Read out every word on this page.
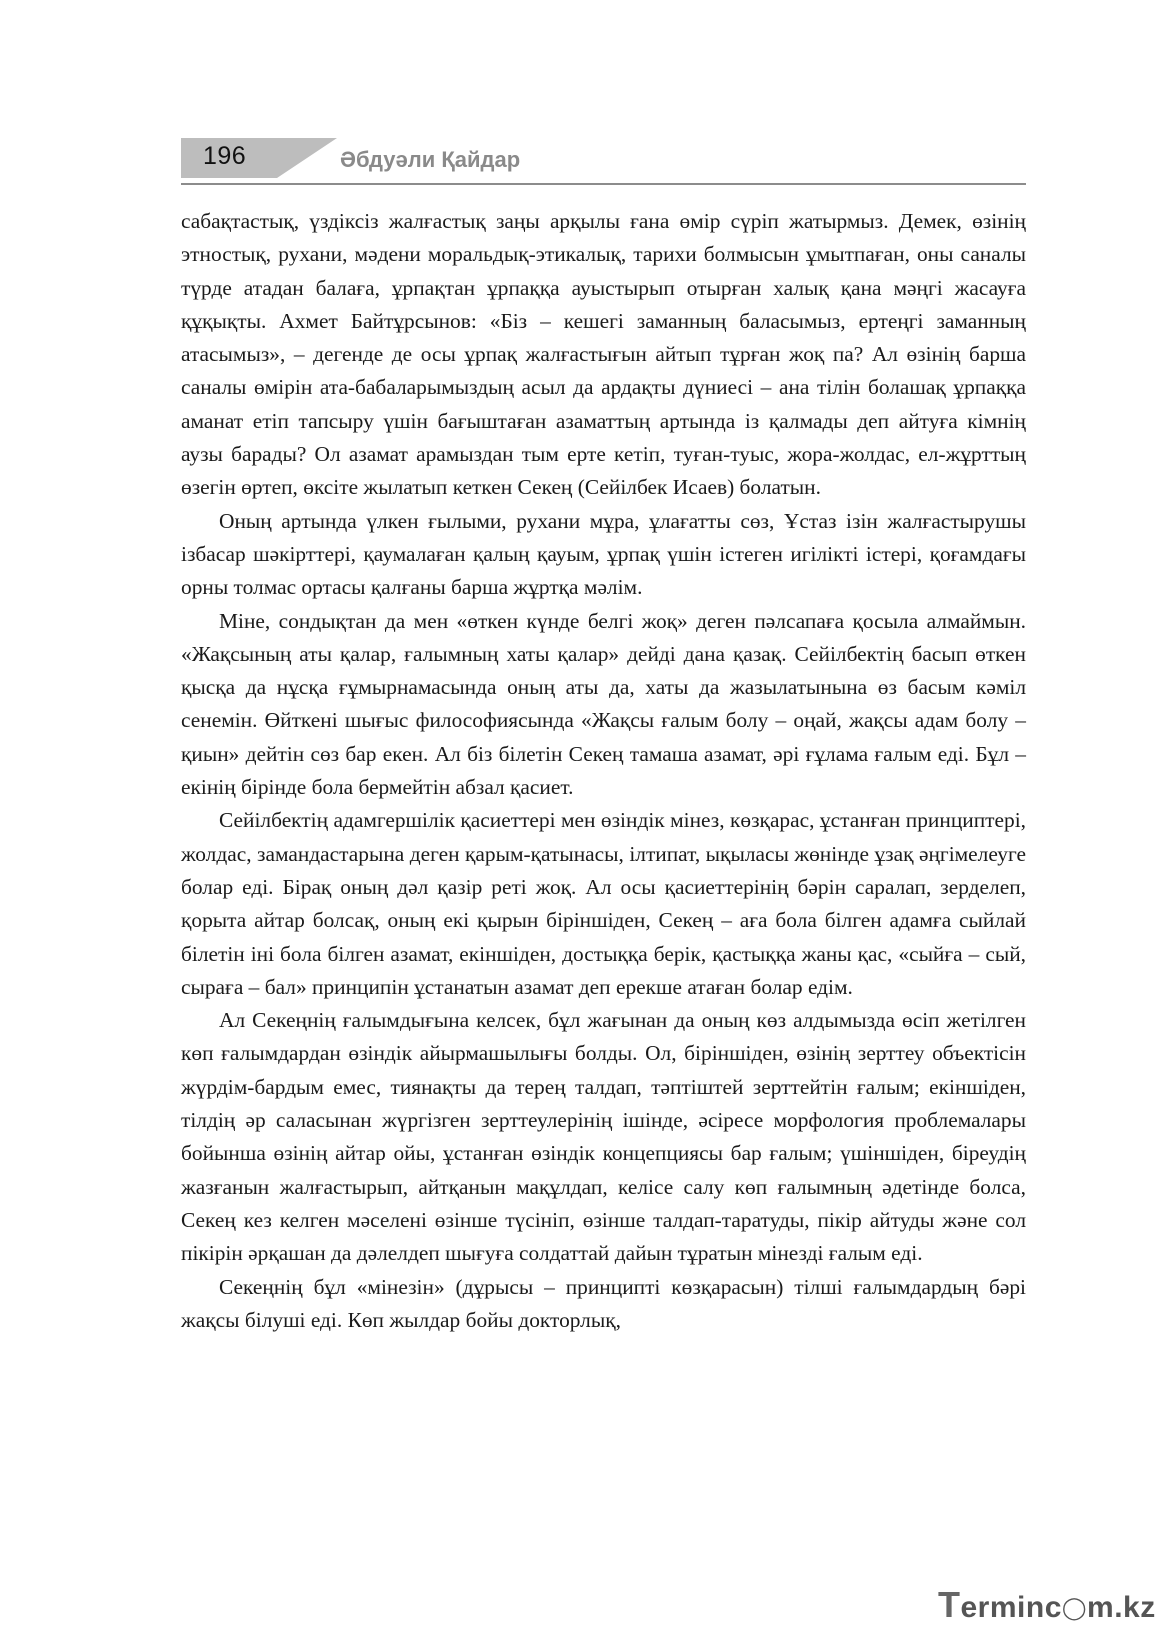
196	Әбдуәли Қайдар

сабақтастық, үздіксіз жалғастық заңы арқылы ғана өмір сүріп жатырмыз. Демек, өзінің этностық, рухани, мәдени моральдық-этикалық, тарихи болмысын ұмытпаған, оны саналы түрде атадан балаға, ұрпақтан ұрпаққа ауыстырып отырған халық қана мәңгі жасауға құқықты. Ахмет Байтұрсынов: «Біз – кешегі заманның баласымыз, ертеңгі заманның атасымыз», – дегенде де осы ұрпақ жалғастығын айтып тұрған жоқ па? Ал өзінің барша саналы өмірін ата-бабаларымыздың асыл да ардақты дүниесі – ана тілін болашақ ұрпаққа аманат етіп тапсыру үшін бағыштаған азаматтың артында із қалмады деп айтуға кімнің аузы барады? Ол азамат арамыздан тым ерте кетіп, туған-туыс, жора-жолдас, ел-жұрттың өзегін өртеп, өксіте жылатып кеткен Секең (Сейілбек Исаев) болатын.

Оның артында үлкен ғылыми, рухани мұра, ұлағатты сөз, Ұстаз ізін жалғастырушы ізбасар шәкірттері, қаумалаған қалың қауым, ұрпақ үшін істеген игілікті істері, қоғамдағы орны толмас ортасы қалғаны барша жұртқа мәлім.

Міне, сондықтан да мен «өткен күнде белгі жоқ» деген пәлсапаға қосыла алмаймын. «Жақсының аты қалар, ғалымның хаты қалар» дейді дана қазақ. Сейілбектің басып өткен қысқа да нұсқа ғұмырнамасында оның аты да, хаты да жазылатынына өз басым кәміл сенемін. Өйткені шығыс философиясында «Жақсы ғалым болу – оңай, жақсы адам болу – қиын» дейтін сөз бар екен. Ал біз білетін Секең тамаша азамат, әрі ғұлама ғалым еді. Бұл – екінің бірінде бола бермейтін абзал қасиет.

Сейілбектің адамгершілік қасиеттері мен өзіндік мінез, көзқарас, ұстанған принциптері, жолдас, замандастарына деген қарым-қатынасы, ілтипат, ықыласы жөнінде ұзақ әңгімелеуге болар еді. Бірақ оның дәл қазір реті жоқ. Ал осы қасиеттерінің бәрін саралап, зерделеп, қорыта айтар болсақ, оның екі қырын біріншіден, Секең – аға бола білген адамға сыйлай білетін іні бола білген азамат, екіншіден, достыққа берік, қастыққа жаны қас, «сыйға – сый, сыраға – бал» принципін ұстанатын азамат деп ерекше атаған болар едім.

Ал Секеңнің ғалымдығына келсек, бұл жағынан да оның көз алдымызда өсіп жетілген көп ғалымдардан өзіндік айырмашылығы болды. Ол, біріншіден, өзінің зерттеу объектісін жүрдім-бардым емес, тиянақты да терең талдап, тәптіштей зерттейтін ғалым; екіншіден, тілдің әр саласынан жүргізген зерттеулерінің ішінде, әсіресе морфология проблемалары бойынша өзінің айтар ойы, ұстанған өзіндік концепциясы бар ғалым; үшіншіден, біреудің жазғанын жалғастырып, айтқанын мақұлдап, келісе салу көп ғалымның әдетінде болса, Секең кез келген мәселені өзінше түсініп, өзінше талдап-таратуды, пікір айтуды және сол пікірін әрқашан да дәлелдеп шығуға солдаттай дайын тұратын мінезді ғалым еді.

Секеңнің бұл «мінезін» (дұрысы – принципті көзқарасын) тілші ғалымдардың бәрі жақсы білуші еді. Көп жылдар бойы докторлық,

Terminc◯m.kz
